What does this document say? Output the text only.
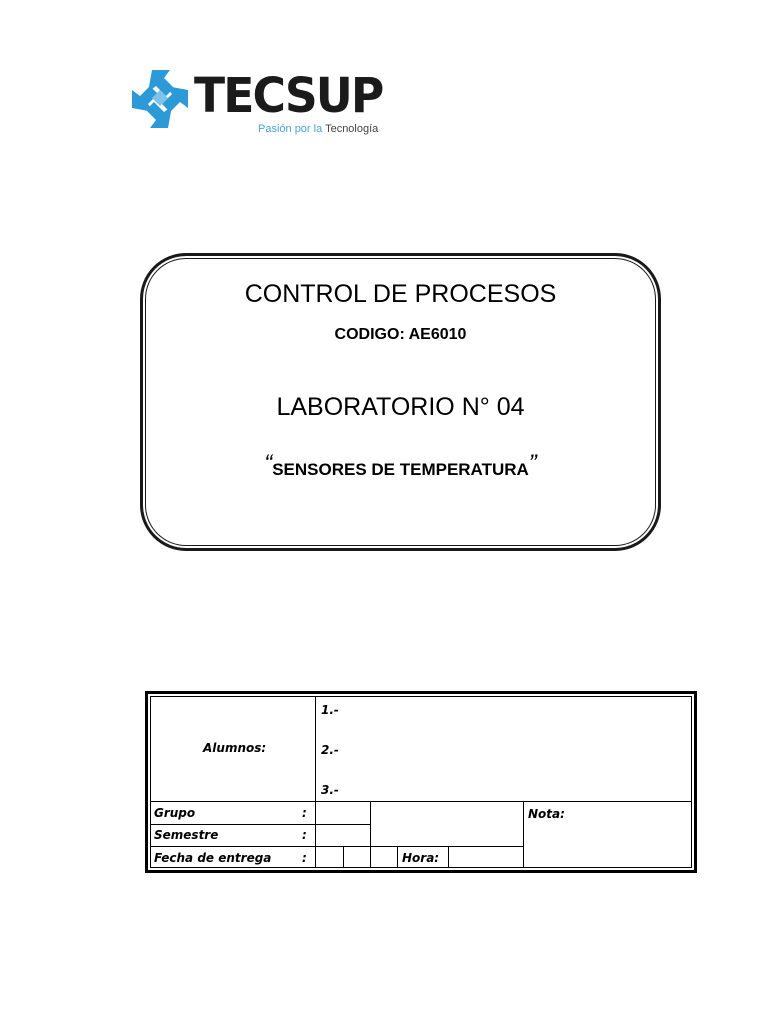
TECSUP
Pasión por la Tecnología
CONTROL DE PROCESOS
CODIGO: AE6010
LABORATORIO N° 04
“SENSORES DE TEMPERATURA”
Alumnos:
1.-
2.-
3.-
Grupo	:
Semestre	:
Fecha de entrega	:	Hora:
Nota:
